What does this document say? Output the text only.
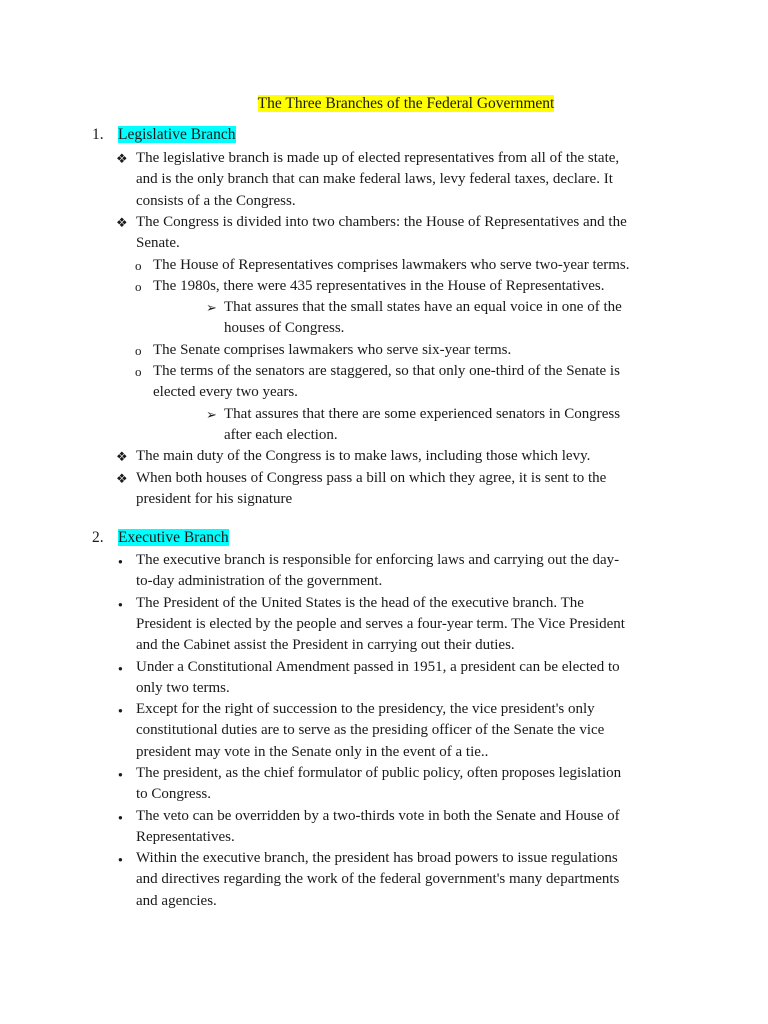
The Three Branches of the Federal Government
1. Legislative Branch
❖ The legislative branch is made up of elected representatives from all of the state,
and is the only branch that can make federal laws, levy federal taxes, declare. It
consists of a the Congress.
❖ The Congress is divided into two chambers: the House of Representatives and the
Senate.
o The House of Representatives comprises lawmakers who serve two-year terms.
o The 1980s, there were 435 representatives in the House of Representatives.
➢ That assures that the small states have an equal voice in one of the
houses of Congress.
o The Senate comprises lawmakers who serve six-year terms.
o The terms of the senators are staggered, so that only one-third of the Senate is
elected every two years.
➢ That assures that there are some experienced senators in Congress
after each election.
❖ The main duty of the Congress is to make laws, including those which levy.
❖ When both houses of Congress pass a bill on which they agree, it is sent to the
president for his signature
2. Executive Branch
● The executive branch is responsible for enforcing laws and carrying out the day-
to-day administration of the government.
● The President of the United States is the head of the executive branch. The
President is elected by the people and serves a four-year term. The Vice President
and the Cabinet assist the President in carrying out their duties.
● Under a Constitutional Amendment passed in 1951, a president can be elected to
only two terms.
● Except for the right of succession to the presidency, the vice president's only
constitutional duties are to serve as the presiding officer of the Senate the vice
president may vote in the Senate only in the event of a tie..
● The president, as the chief formulator of public policy, often proposes legislation
to Congress.
● The veto can be overridden by a two-thirds vote in both the Senate and House of
Representatives.
● Within the executive branch, the president has broad powers to issue regulations
and directives regarding the work of the federal government's many departments
and agencies.
